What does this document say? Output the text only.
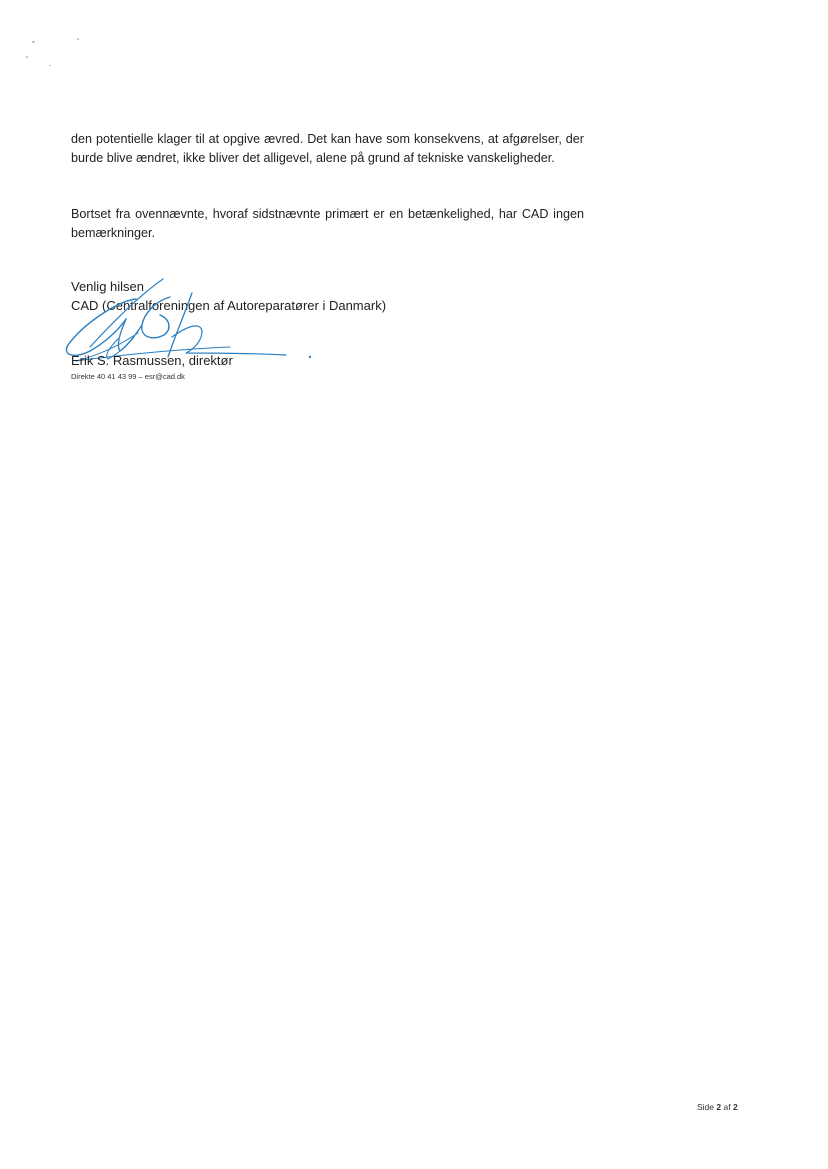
den potentielle klager til at opgive ævred. Det kan have som konsekvens, at afgørelser, der burde blive ændret, ikke bliver det alligevel, alene på grund af tekniske vanskeligheder.

Bortset fra ovennævnte, hvoraf sidstnævnte primært er en betænkelighed, har CAD ingen bemærkninger.

Venlig hilsen
CAD (Centralforeningen af Autoreparatører i Danmark)
Erik S. Rasmussen, direktør
Direkte 40 41 43 99 – esr@cad.dk
Side 2 af 2
